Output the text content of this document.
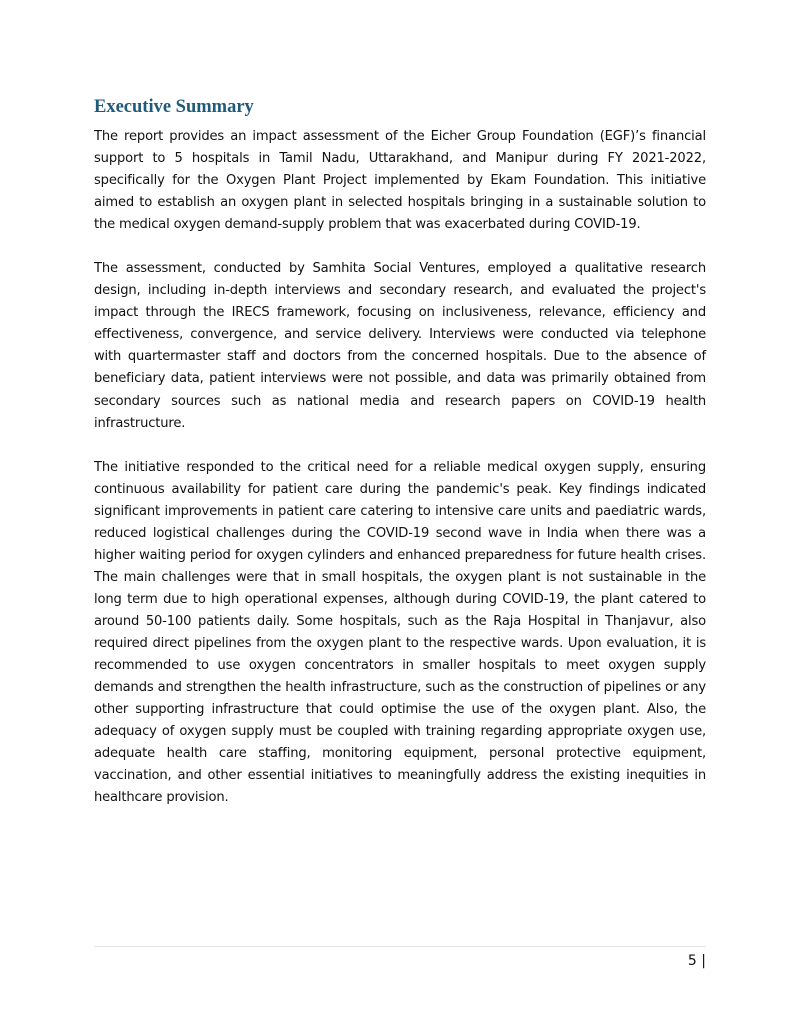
Executive Summary

The report provides an impact assessment of the Eicher Group Foundation (EGF)’s financial support to 5 hospitals in Tamil Nadu, Uttarakhand, and Manipur during FY 2021-2022, specifically for the Oxygen Plant Project implemented by Ekam Foundation. This initiative aimed to establish an oxygen plant in selected hospitals bringing in a sustainable solution to the medical oxygen demand-supply problem that was exacerbated during COVID-19.

The assessment, conducted by Samhita Social Ventures, employed a qualitative research design, including in-depth interviews and secondary research, and evaluated the project's impact through the IRECS framework, focusing on inclusiveness, relevance, efficiency and effectiveness, convergence, and service delivery. Interviews were conducted via telephone with quartermaster staff and doctors from the concerned hospitals. Due to the absence of beneficiary data, patient interviews were not possible, and data was primarily obtained from secondary sources such as national media and research papers on COVID-19 health infrastructure.

The initiative responded to the critical need for a reliable medical oxygen supply, ensuring continuous availability for patient care during the pandemic's peak. Key findings indicated significant improvements in patient care catering to intensive care units and paediatric wards, reduced logistical challenges during the COVID-19 second wave in India when there was a higher waiting period for oxygen cylinders and enhanced preparedness for future health crises. The main challenges were that in small hospitals, the oxygen plant is not sustainable in the long term due to high operational expenses, although during COVID-19, the plant catered to around 50-100 patients daily. Some hospitals, such as the Raja Hospital in Thanjavur, also required direct pipelines from the oxygen plant to the respective wards. Upon evaluation, it is recommended to use oxygen concentrators in smaller hospitals to meet oxygen supply demands and strengthen the health infrastructure, such as the construction of pipelines or any other supporting infrastructure that could optimise the use of the oxygen plant. Also, the adequacy of oxygen supply must be coupled with training regarding appropriate oxygen use, adequate health care staffing, monitoring equipment, personal protective equipment, vaccination, and other essential initiatives to meaningfully address the existing inequities in healthcare provision.

5 |
